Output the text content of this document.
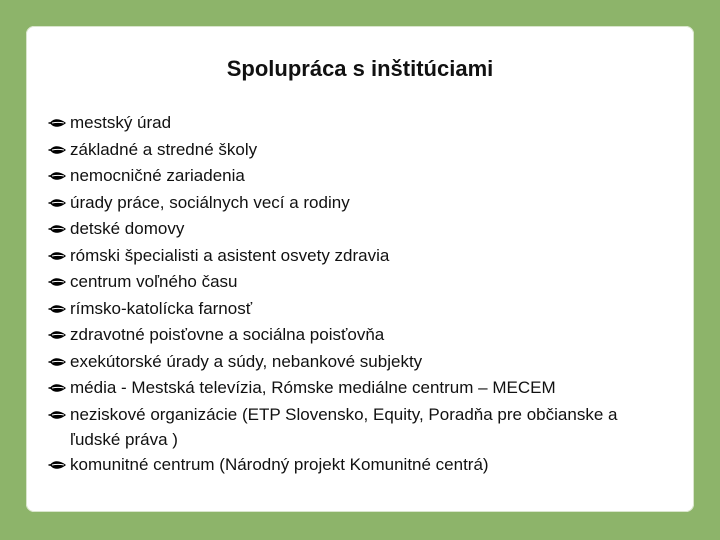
Spolupráca s inštitúciami
mestský úrad
základné a stredné školy
nemocničné zariadenia
úrady práce, sociálnych vecí a rodiny
detské domovy
rómski špecialisti a asistent osvety zdravia
centrum voľného času
rímsko-katolícka farnosť
zdravotné poisťovne a sociálna poisťovňa
exekútorské úrady a súdy, nebankové subjekty
média - Mestská televízia, Rómske mediálne centrum – MECEM
neziskové organizácie (ETP Slovensko, Equity, Poradňa pre občianske a ľudské práva )
komunitné centrum (Národný projekt Komunitné centrá)
